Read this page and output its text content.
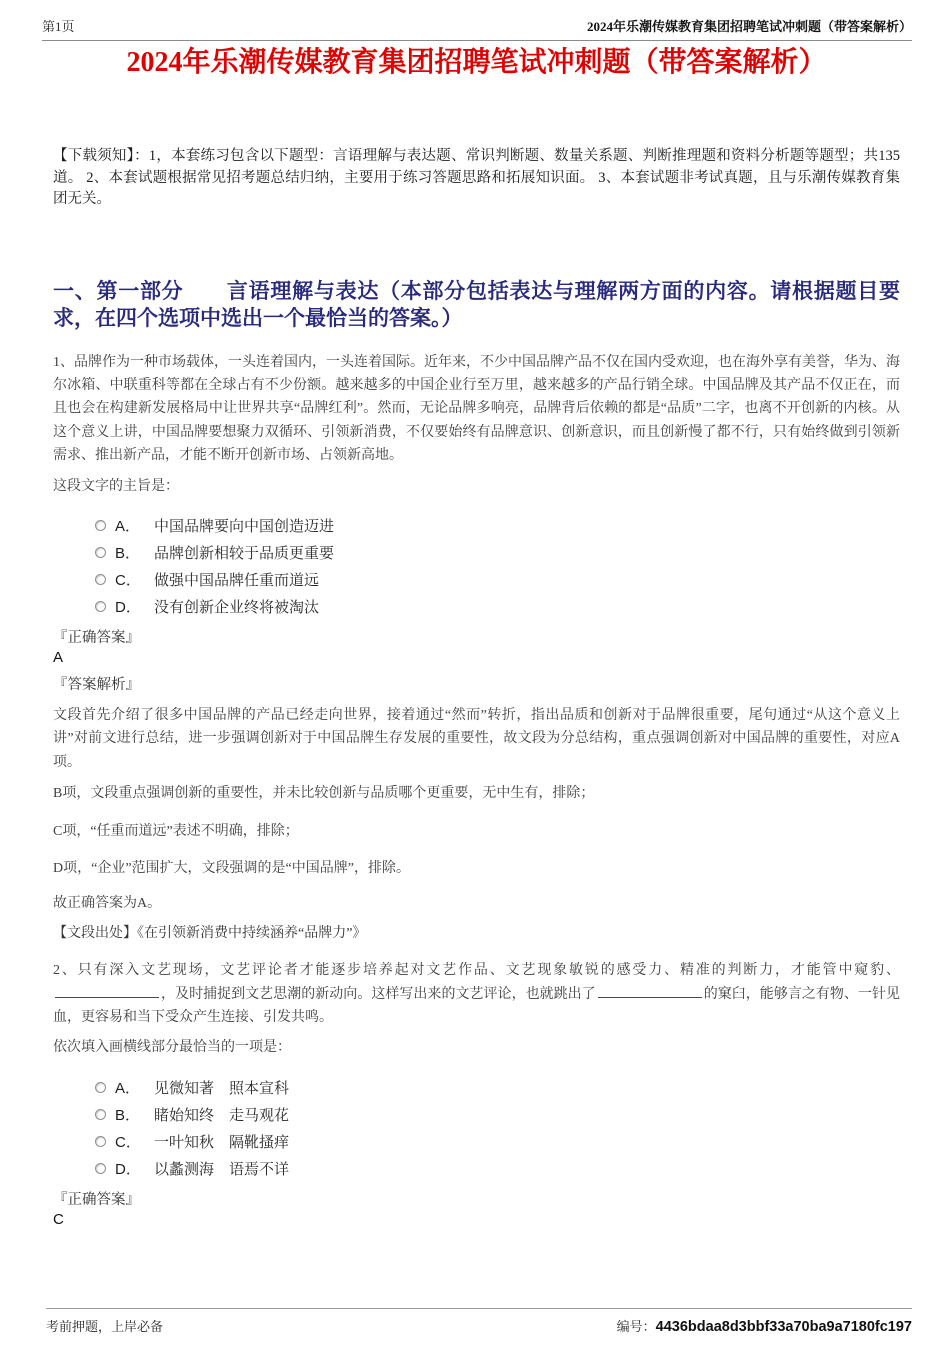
第1页	2024年乐潮传媒教育集团招聘笔试冲刺题（带答案解析）
2024年乐潮传媒教育集团招聘笔试冲刺题（带答案解析）

【下载须知】：1，本套练习包含以下题型：言语理解与表达题、常识判断题、数量关系题、判断推理题和资料分析题等题型；共135道。 2、本套试题根据常见招考题总结归纳，主要用于练习答题思路和拓展知识面。 3、本套试题非考试真题，且与乐潮传媒教育集团无关。

一、第一部分　　言语理解与表达（本部分包括表达与理解两方面的内容。请根据题目要求，在四个选项中选出一个最恰当的答案。）

1、品牌作为一种市场载体，一头连着国内，一头连着国际。近年来，不少中国品牌产品不仅在国内受欢迎，也在海外享有美誉，华为、海尔冰箱、中联重科等都在全球占有不少份额。越来越多的中国企业行至万里，越来越多的产品行销全球。中国品牌及其产品不仅正在，而且也会在构建新发展格局中让世界共享“品牌红利”。然而，无论品牌多响亮，品牌背后依赖的都是“品质”二字，也离不开创新的内核。从这个意义上讲，中国品牌要想聚力双循环、引领新消费，不仅要始终有品牌意识、创新意识，而且创新慢了都不行，只有始终做到引领新需求、推出新产品，才能不断开创新市场、占领新高地。

这段文字的主旨是：

A． 中国品牌要向中国创造迈进
B． 品牌创新相较于品质更重要
C． 做强中国品牌任重而道远
D． 没有创新企业终将被淘汰

『正确答案』

A

『答案解析』

文段首先介绍了很多中国品牌的产品已经走向世界，接着通过“然而”转折，指出品质和创新对于品牌很重要，尾句通过“从这个意义上讲”对前文进行总结，进一步强调创新对于中国品牌生存发展的重要性，故文段为分总结构，重点强调创新对中国品牌的重要性，对应A项。

B项，文段重点强调创新的重要性，并未比较创新与品质哪个更重要，无中生有，排除；

C项，“任重而道远”表述不明确，排除；

D项，“企业”范围扩大，文段强调的是“中国品牌”，排除。

故正确答案为A。

【文段出处】《在引领新消费中持续涵养“品牌力”》

2、只有深入文艺现场，文艺评论者才能逐步培养起对文艺作品、文艺现象敏锐的感受力、精准的判断力，才能管中窥豹、，及时捕捉到文艺思潮的新动向。这样写出来的文艺评论，也就跳出了	的窠臼，能够言之有物、一针见血，更容易和当下受众产生连接、引发共鸣。

依次填入画横线部分最恰当的一项是：

A． 见微知著　照本宣科
B． 睹始知终　走马观花
C． 一叶知秋　隔靴搔痒
D． 以蠡测海　语焉不详

『正确答案』

C

考前押题，上岸必备	编号：4436bdaa8d3bbf33a70ba9a7180fc197
